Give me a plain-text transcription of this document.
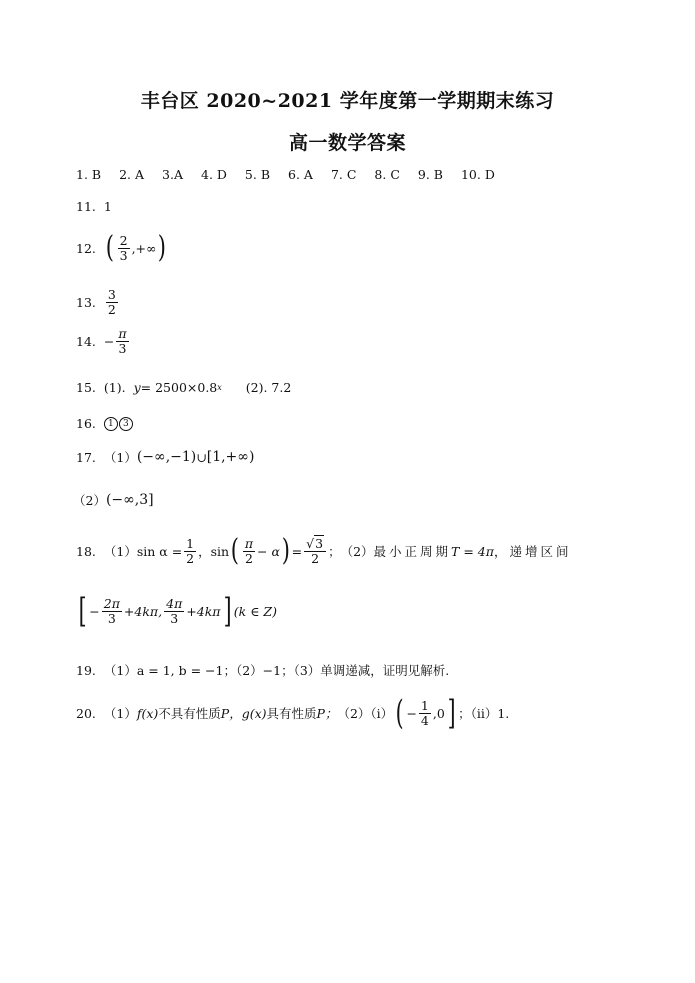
丰台区 2020~2021 学年度第一学期期末练习
高一数学答案
1. B 2. A 3.A 4. D 5. B 6. A 7. C 8. C 9. B 10. D
11. 1
12. ( $\frac{2}{3}$ ,+∞ )
13. $\frac{3}{2}$
14. − $\frac{\pi}{3}$
15. (1). y = 2500×0.8 x (2). 7.2
16.	1	3
17. （1） (−∞,−1) ∪ [1,+∞)
（2） (−∞,3]
18. （1） $\sin \alpha = \frac{1}{2}$ ， sin ( $\frac{\pi}{2} - \alpha$ ) = $\frac{√3}{2}$ ； （2） 最小正周期 T = 4π ，递增区间
[ − $\frac{2\pi}{3} +4k\pi$, $\frac{4\pi}{3} +4k\pi$ ] (k ∈ Z)
19. （1）a = 1, b = −1；（2）−1；（3）单调递减，证明见解析.
20. （1） f(x) 不具有性质 P， g(x) 具有性质 P； （2）（i） ( − $\frac{1}{4} ,0$ ] ；（ii）1.
